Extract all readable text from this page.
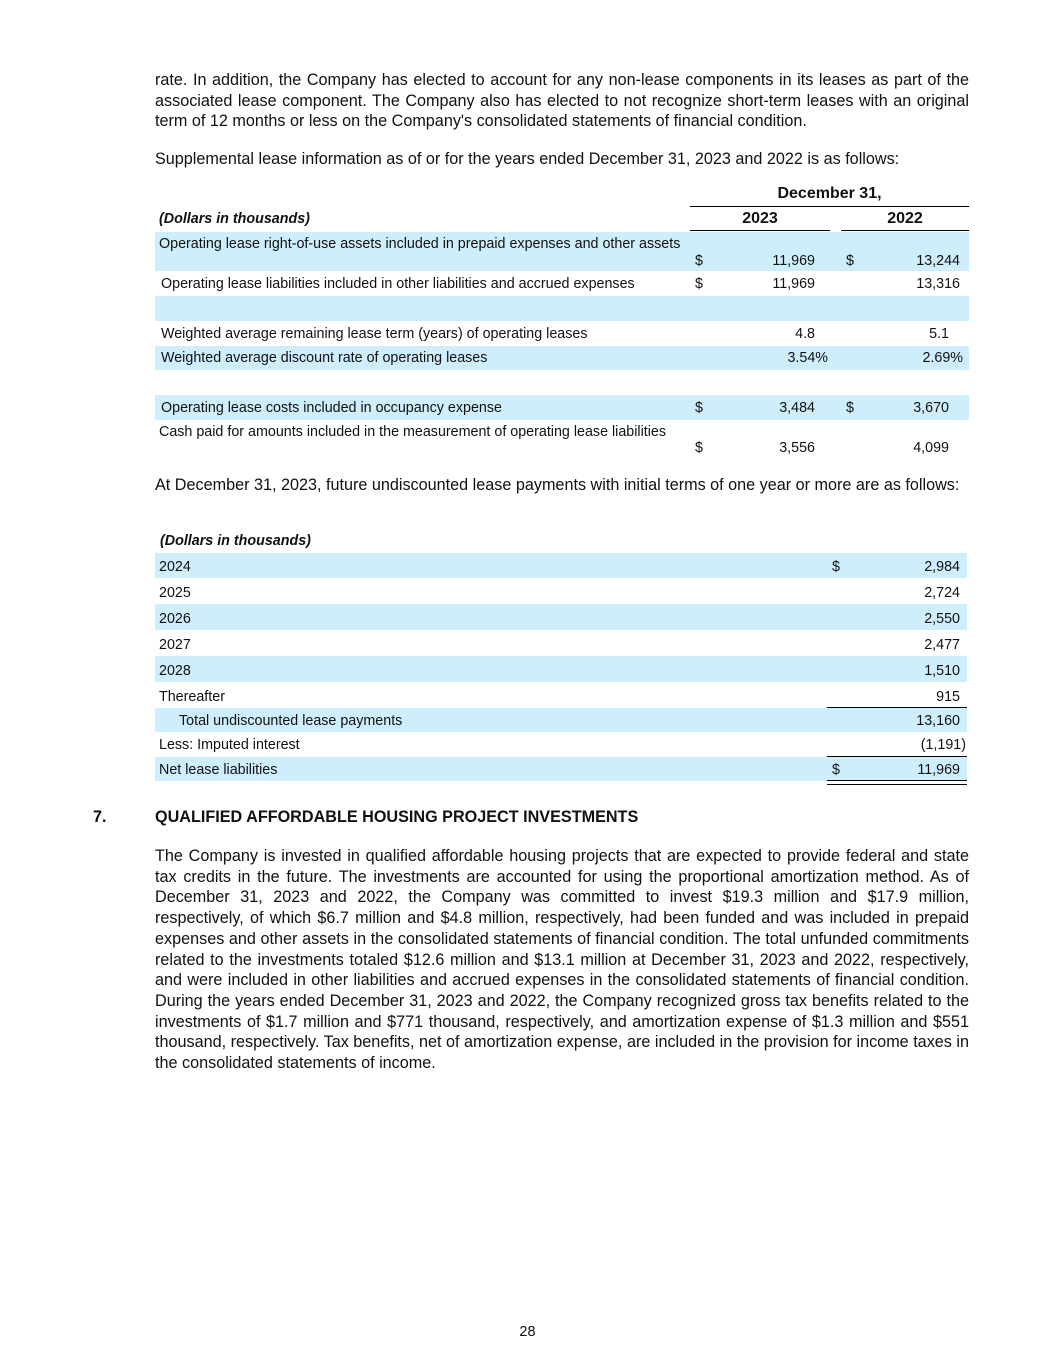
rate. In addition, the Company has elected to account for any non-lease components in its leases as part of the associated lease component. The Company also has elected to not recognize short-term leases with an original term of 12 months or less on the Company's consolidated statements of financial condition.

Supplemental lease information as of or for the years ended December 31, 2023 and 2022 is as follows:

December 31,
(Dollars in thousands)	2023	2022
Operating lease right-of-use assets included in prepaid expenses and other assets
$	11,969 $	13,244
Operating lease liabilities included in other liabilities and accrued expenses	$	11,969	13,316
Weighted average remaining lease term (years) of operating leases	4.8	5.1
Weighted average discount rate of operating leases	3.54%	2.69%
Operating lease costs included in occupancy expense	$	3,484 $	3,670
Cash paid for amounts included in the measurement of operating lease liabilities
$	3,556	4,099

At December 31, 2023, future undiscounted lease payments with initial terms of one year or more are as follows:

(Dollars in thousands)
2024	$	2,984
2025	2,724
2026	2,550
2027	2,477
2028	1,510
Thereafter	915
Total undiscounted lease payments	13,160
Less: Imputed interest	(1,191)
Net lease liabilities	$	11,969
7.	QUALIFIED AFFORDABLE HOUSING PROJECT INVESTMENTS

The Company is invested in qualified affordable housing projects that are expected to provide federal and state tax credits in the future. The investments are accounted for using the proportional amortization method. As of December 31, 2023 and 2022, the Company was committed to invest $19.3 million and $17.9 million, respectively, of which $6.7 million and $4.8 million, respectively, had been funded and was included in prepaid expenses and other assets in the consolidated statements of financial condition. The total unfunded commitments related to the investments totaled $12.6 million and $13.1 million at December 31, 2023 and 2022, respectively, and were included in other liabilities and accrued expenses in the consolidated statements of financial condition. During the years ended December 31, 2023 and 2022, the Company recognized gross tax benefits related to the investments of $1.7 million and $771 thousand, respectively, and amortization expense of $1.3 million and $551 thousand, respectively. Tax benefits, net of amortization expense, are included in the provision for income taxes in the consolidated statements of income.

28
